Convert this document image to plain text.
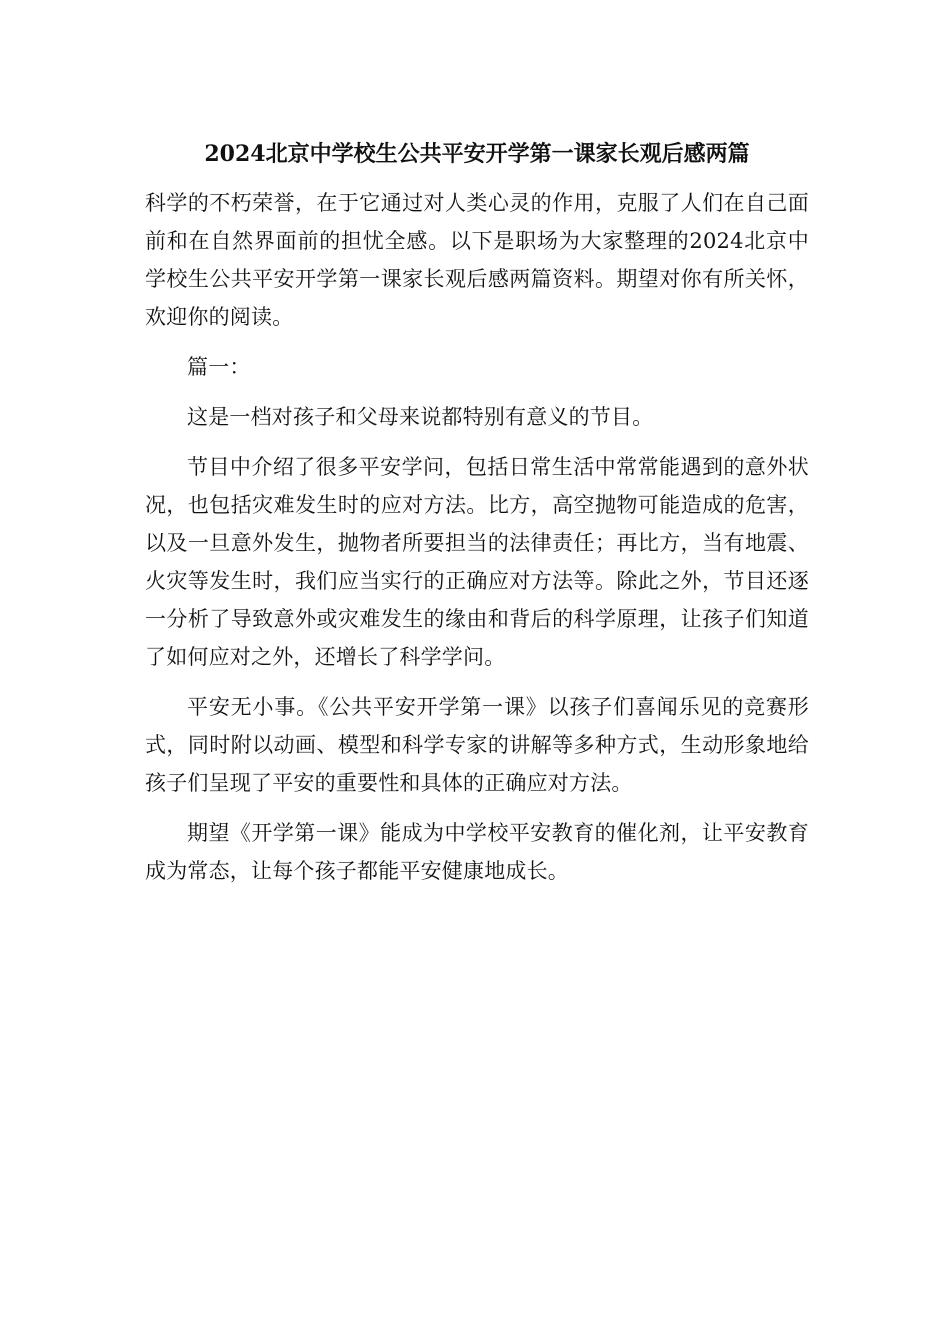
2024北京中学校生公共平安开学第一课家长观后感两篇

科学的不朽荣誉，在于它通过对人类心灵的作用，克服了人们在自己面前和在自然界面前的担忧全感。以下是职场为大家整理的2024北京中学校生公共平安开学第一课家长观后感两篇资料。期望对你有所关怀，欢迎你的阅读。

篇一：

这是一档对孩子和父母来说都特别有意义的节目。

节目中介绍了很多平安学问，包括日常生活中常常能遇到的意外状况，也包括灾难发生时的应对方法。比方，高空抛物可能造成的危害，以及一旦意外发生，抛物者所要担当的法律责任；再比方，当有地震、火灾等发生时，我们应当实行的正确应对方法等。除此之外，节目还逐一分析了导致意外或灾难发生的缘由和背后的科学原理，让孩子们知道了如何应对之外，还增长了科学学问。

平安无小事。《公共平安开学第一课》以孩子们喜闻乐见的竞赛形式，同时附以动画、模型和科学专家的讲解等多种方式，生动形象地给孩子们呈现了平安的重要性和具体的正确应对方法。

期望《开学第一课》能成为中学校平安教育的催化剂，让平安教育成为常态，让每个孩子都能平安健康地成长。
